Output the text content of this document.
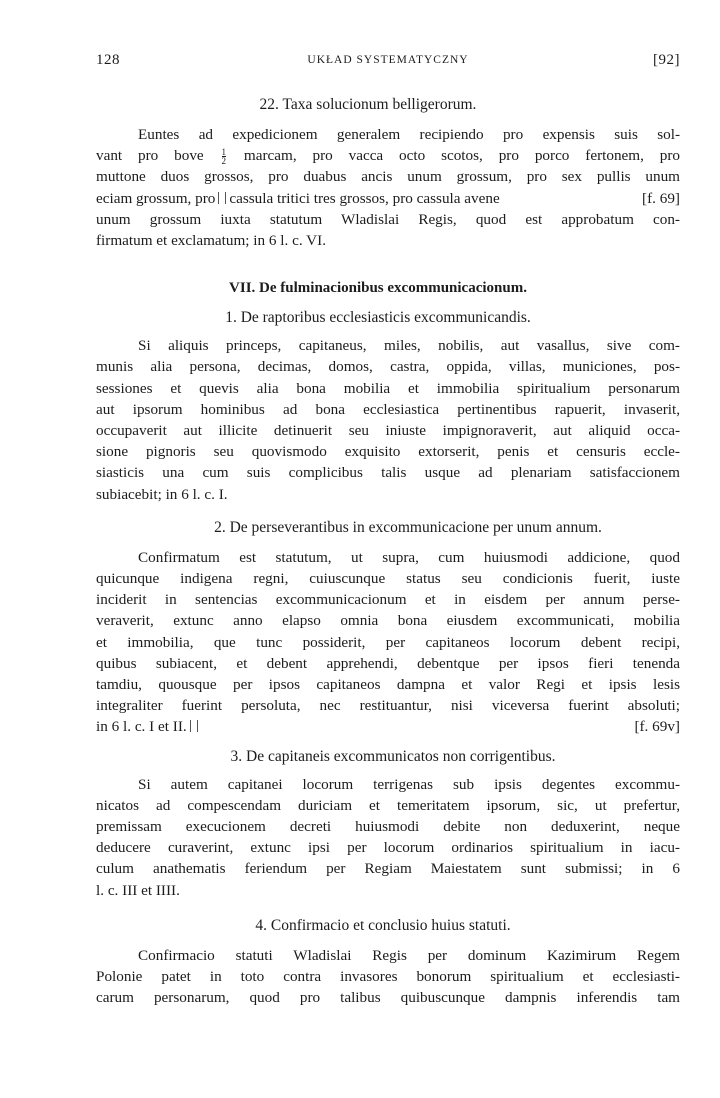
128	UKŁAD SYSTEMATYCZNY	[92]
22. Taxa solucionum belligerorum.
Euntes ad expedicionem generalem recipiendo pro expensis suis sol-
vant pro bove $\frac{1}{2}$ marcam, pro vacca octo scotos, pro porco fertonem, pro
muttone duos grossos, pro duabus ancis unum grossum, pro sex pullis unum
eciam grossum, pro cassula tritici tres grossos, pro cassula avene	[f. 69]
unum grossum iuxta statutum Wladislai Regis, quod est approbatum con-
firmatum et exclamatum; in 6 l. c. VI.
VII. De fulminacionibus excommunicacionum.
1. De raptoribus ecclesiasticis excommunicandis.
Si aliquis princeps, capitaneus, miles, nobilis, aut vasallus, sive com-
munis alia persona, decimas, domos, castra, oppida, villas, municiones, pos-
sessiones et quevis alia bona mobilia et immobilia spiritualium personarum
aut ipsorum hominibus ad bona ecclesiastica pertinentibus rapuerit, invaserit,
occupaverit aut illicite detinuerit seu iniuste impignoraverit, aut aliquid occa-
sione pignoris seu quovismodo exquisito extorserit, penis et censuris eccle-
siasticis una cum suis complicibus talis usque ad plenariam satisfaccionem
subiacebit; in 6 l. c. I.
2. De perseverantibus in excommunicacione per unum annum.
Confirmatum est statutum, ut supra, cum huiusmodi addicione, quod
quicunque indigena regni, cuiuscunque status seu condicionis fuerit, iuste
inciderit in sentencias excommunicacionum et in eisdem per annum perse-
veraverit, extunc anno elapso omnia bona eiusdem excommunicati, mobilia
et immobilia, que tunc possiderit, per capitaneos locorum debent recipi,
quibus subiacent, et debent apprehendi, debentque per ipsos fieri tenenda
tamdiu, quousque per ipsos capitaneos dampna et valor Regi et ipsis lesis
integraliter fuerint persoluta, nec restituantur, nisi viceversa fuerint absoluti;
in 6 l. c. I et II.	[f. 69v]
3. De capitaneis excommunicatos non corrigentibus.
Si autem capitanei locorum terrigenas sub ipsis degentes excommu-
nicatos ad compescendam duriciam et temeritatem ipsorum, sic, ut prefertur,
premissam execucionem decreti huiusmodi debite non deduxerint, neque
deducere curaverint, extunc ipsi per locorum ordinarios spiritualium in iacu-
culum anathematis feriendum per Regiam Maiestatem sunt submissi; in 6
l. c. III et IIII.
4. Confirmacio et conclusio huius statuti.
Confirmacio statuti Wladislai Regis per dominum Kazimirum Regem
Polonie patet in toto contra invasores bonorum spiritualium et ecclesiasti-
carum personarum, quod pro talibus quibuscunque dampnis inferendis tam
